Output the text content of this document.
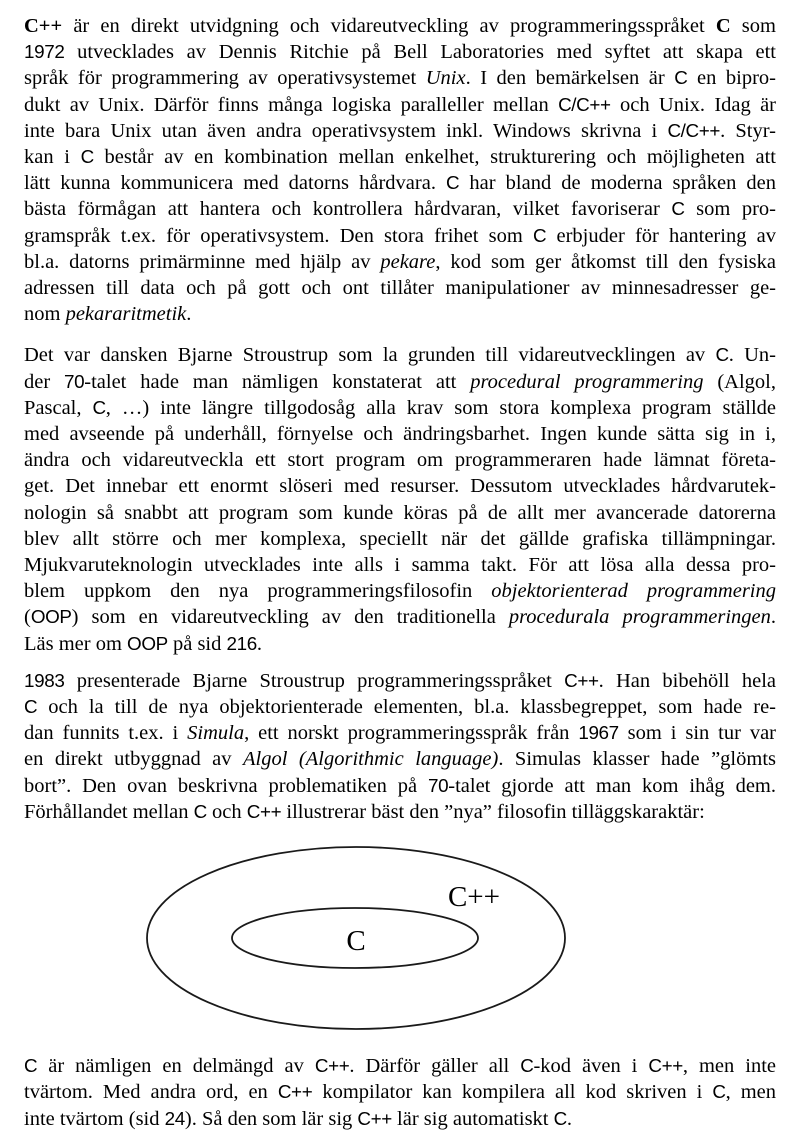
C++ är en direkt utvidgning och vidareutveckling av programmeringsspråket C som
1972 utvecklades av Dennis Ritchie på Bell Laboratories med syftet att skapa ett
språk för programmering av operativsystemet Unix. I den bemärkelsen är C en bipro-
dukt av Unix. Därför finns många logiska paralleller mellan C/C++ och Unix. Idag är
inte bara Unix utan även andra operativsystem inkl. Windows skrivna i C/C++. Styr-
kan i C består av en kombination mellan enkelhet, strukturering och möjligheten att
lätt kunna kommunicera med datorns hårdvara. C har bland de moderna språken den
bästa förmågan att hantera och kontrollera hårdvaran, vilket favoriserar C som pro-
gramspråk t.ex. för operativsystem. Den stora frihet som C erbjuder för hantering av
bl.a. datorns primärminne med hjälp av pekare, kod som ger åtkomst till den fysiska
adressen till data och på gott och ont tillåter manipulationer av minnesadresser ge-
nom pekararitmetik.
Det var dansken Bjarne Stroustrup som la grunden till vidareutvecklingen av C. Un-
der 70-talet hade man nämligen konstaterat att procedural programmering (Algol,
Pascal, C, …) inte längre tillgodosåg alla krav som stora komplexa program ställde
med avseende på underhåll, förnyelse och ändringsbarhet. Ingen kunde sätta sig in i,
ändra och vidareutveckla ett stort program om programmeraren hade lämnat företa-
get. Det innebar ett enormt slöseri med resurser. Dessutom utvecklades hårdvarutek-
nologin så snabbt att program som kunde köras på de allt mer avancerade datorerna
blev allt större och mer komplexa, speciellt när det gällde grafiska tillämpningar.
Mjukvaruteknologin utvecklades inte alls i samma takt. För att lösa alla dessa pro-
blem uppkom den nya programmeringsfilosofin objektorienterad programmering
(OOP) som en vidareutveckling av den traditionella procedurala programmeringen.
Läs mer om OOP på sid 216.
1983 presenterade Bjarne Stroustrup programmeringsspråket C++. Han bibehöll hela
C och la till de nya objektorienterade elementen, bl.a. klassbegreppet, som hade re-
dan funnits t.ex. i Simula, ett norskt programmeringsspråk från 1967 som i sin tur var
en direkt utbyggnad av Algol (Algorithmic language). Simulas klasser hade ”glömts
bort”. Den ovan beskrivna problematiken på 70-talet gjorde att man kom ihåg dem.
Förhållandet mellan C och C++ illustrerar bäst den ”nya” filosofin tilläggskaraktär:
C++
C
C är nämligen en delmängd av C++. Därför gäller all C-kod även i C++, men inte
tvärtom. Med andra ord, en C++ kompilator kan kompilera all kod skriven i C, men
inte tvärtom (sid 24). Så den som lär sig C++ lär sig automatiskt C.
